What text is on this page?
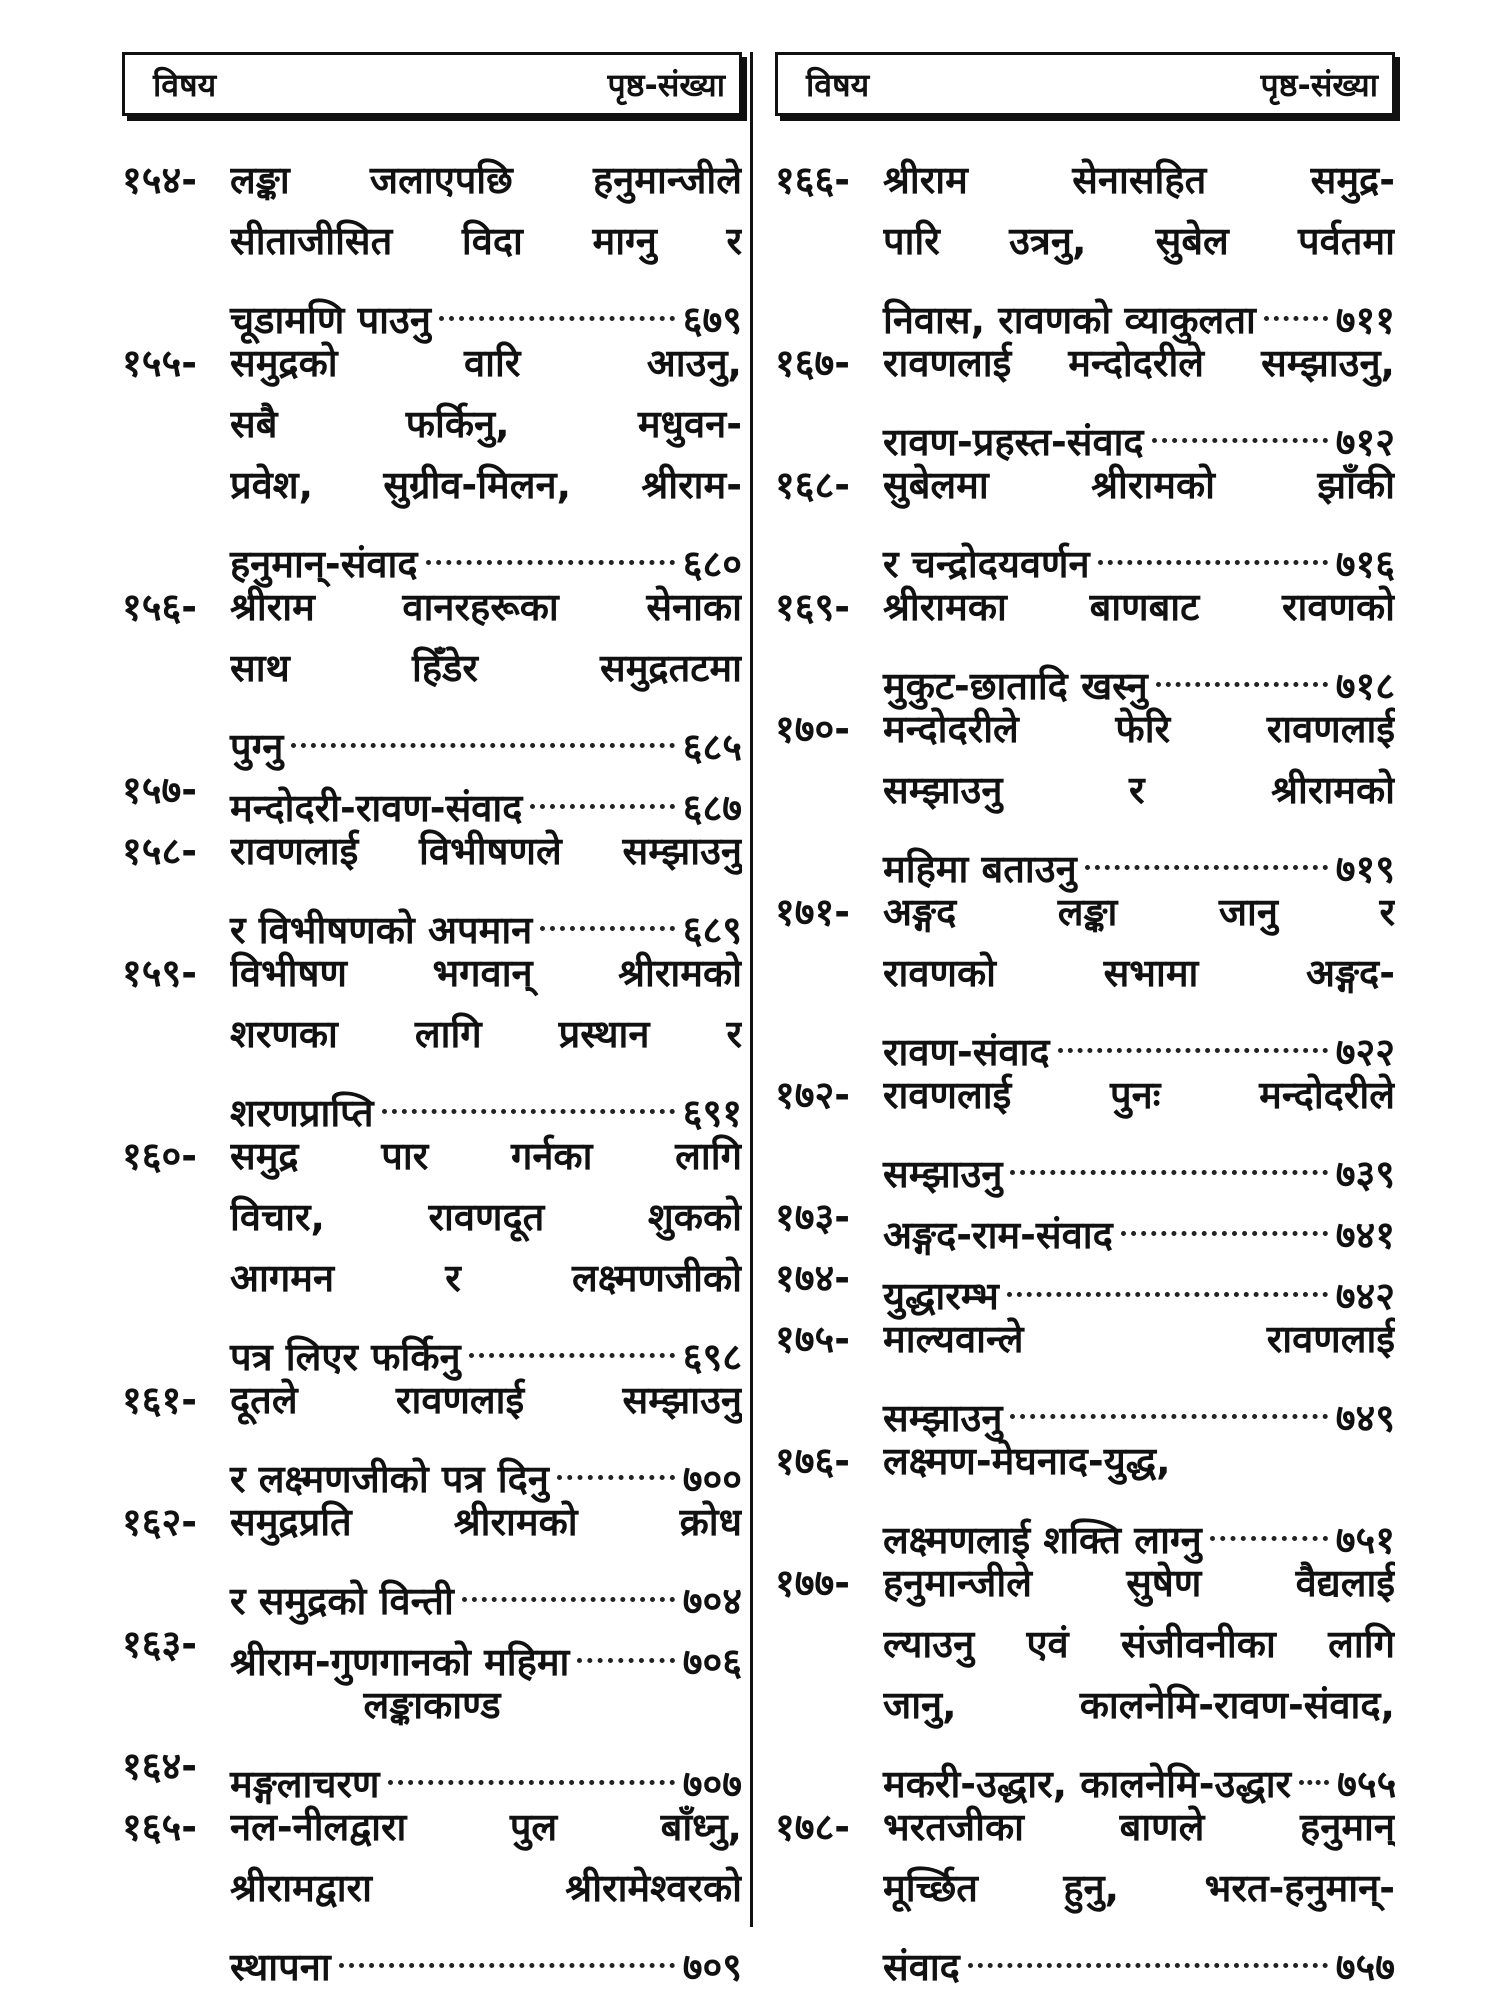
विषय	पृष्ठ-संख्या
१५४- लङ्का जलाएपछि हनुमान्जीले
सीताजीसित विदा माग्नु र
चूडामणि पाउनु	६७९
१५५- समुद्रको वारि आउनु,
सबै फर्किनु, मधुवन-
प्रवेश, सुग्रीव-मिलन, श्रीराम-
हनुमान्-संवाद	६८०
१५६- श्रीराम वानरहरूका सेनाका
साथ हिँडेर समुद्रतटमा
पुग्नु	६८५
१५७- मन्दोदरी-रावण-संवाद	६८७
१५८- रावणलाई विभीषणले सम्झाउनु
र विभीषणको अपमान	६८९
१५९- विभीषण भगवान् श्रीरामको
शरणका लागि प्रस्थान र
शरणप्राप्ति	६९१
१६०- समुद्र पार गर्नका लागि
विचार, रावणदूत शुकको
आगमन र लक्ष्मणजीको
पत्र लिएर फर्किनु	६९८
१६१- दूतले रावणलाई सम्झाउनु
र लक्ष्मणजीको पत्र दिनु	७००
१६२- समुद्रप्रति श्रीरामको क्रोध
र समुद्रको विन्ती	७०४
१६३- श्रीराम-गुणगानको महिमा	७०६
लङ्काकाण्ड
१६४- मङ्गलाचरण	७०७
१६५- नल-नीलद्वारा पुल बाँध्नु,
श्रीरामद्वारा श्रीरामेश्वरको
स्थापना	७०९
विषय	पृष्ठ-संख्या
१६६- श्रीराम सेनासहित समुद्र-
पारि उत्रनु, सुबेल पर्वतमा
निवास, रावणको व्याकुलता ७११
१६७- रावणलाई मन्दोदरीले सम्झाउनु,
रावण-प्रहस्त-संवाद	७१२
१६८- सुबेलमा श्रीरामको झाँकी
र चन्द्रोदयवर्णन	७१६
१६९- श्रीरामका बाणबाट रावणको
मुकुट-छातादि खस्नु	७१८
१७०- मन्दोदरीले फेरि रावणलाई
सम्झाउनु र श्रीरामको
महिमा बताउनु	७१९
१७१- अङ्गद लङ्का जानु र
रावणको सभामा अङ्गद-
रावण-संवाद	७२२
१७२- रावणलाई पुनः मन्दोदरीले
सम्झाउनु	७३९
१७३- अङ्गद-राम-संवाद	७४१
१७४- युद्धारम्भ	७४२
१७५- माल्यवान्ले रावणलाई
सम्झाउनु	७४९
१७६- लक्ष्मण-मेघनाद-युद्ध,
लक्ष्मणलाई शक्ति लाग्नु	७५१
१७७- हनुमान्जीले सुषेण वैद्यलाई
ल्याउनु एवं संजीवनीका लागि
जानु, कालनेमि-रावण-संवाद,
मकरी-उद्धार, कालनेमि-उद्धार ७५५
१७८- भरतजीका बाणले हनुमान्
मूर्च्छित हुनु, भरत-हनुमान्-
संवाद	७५७
